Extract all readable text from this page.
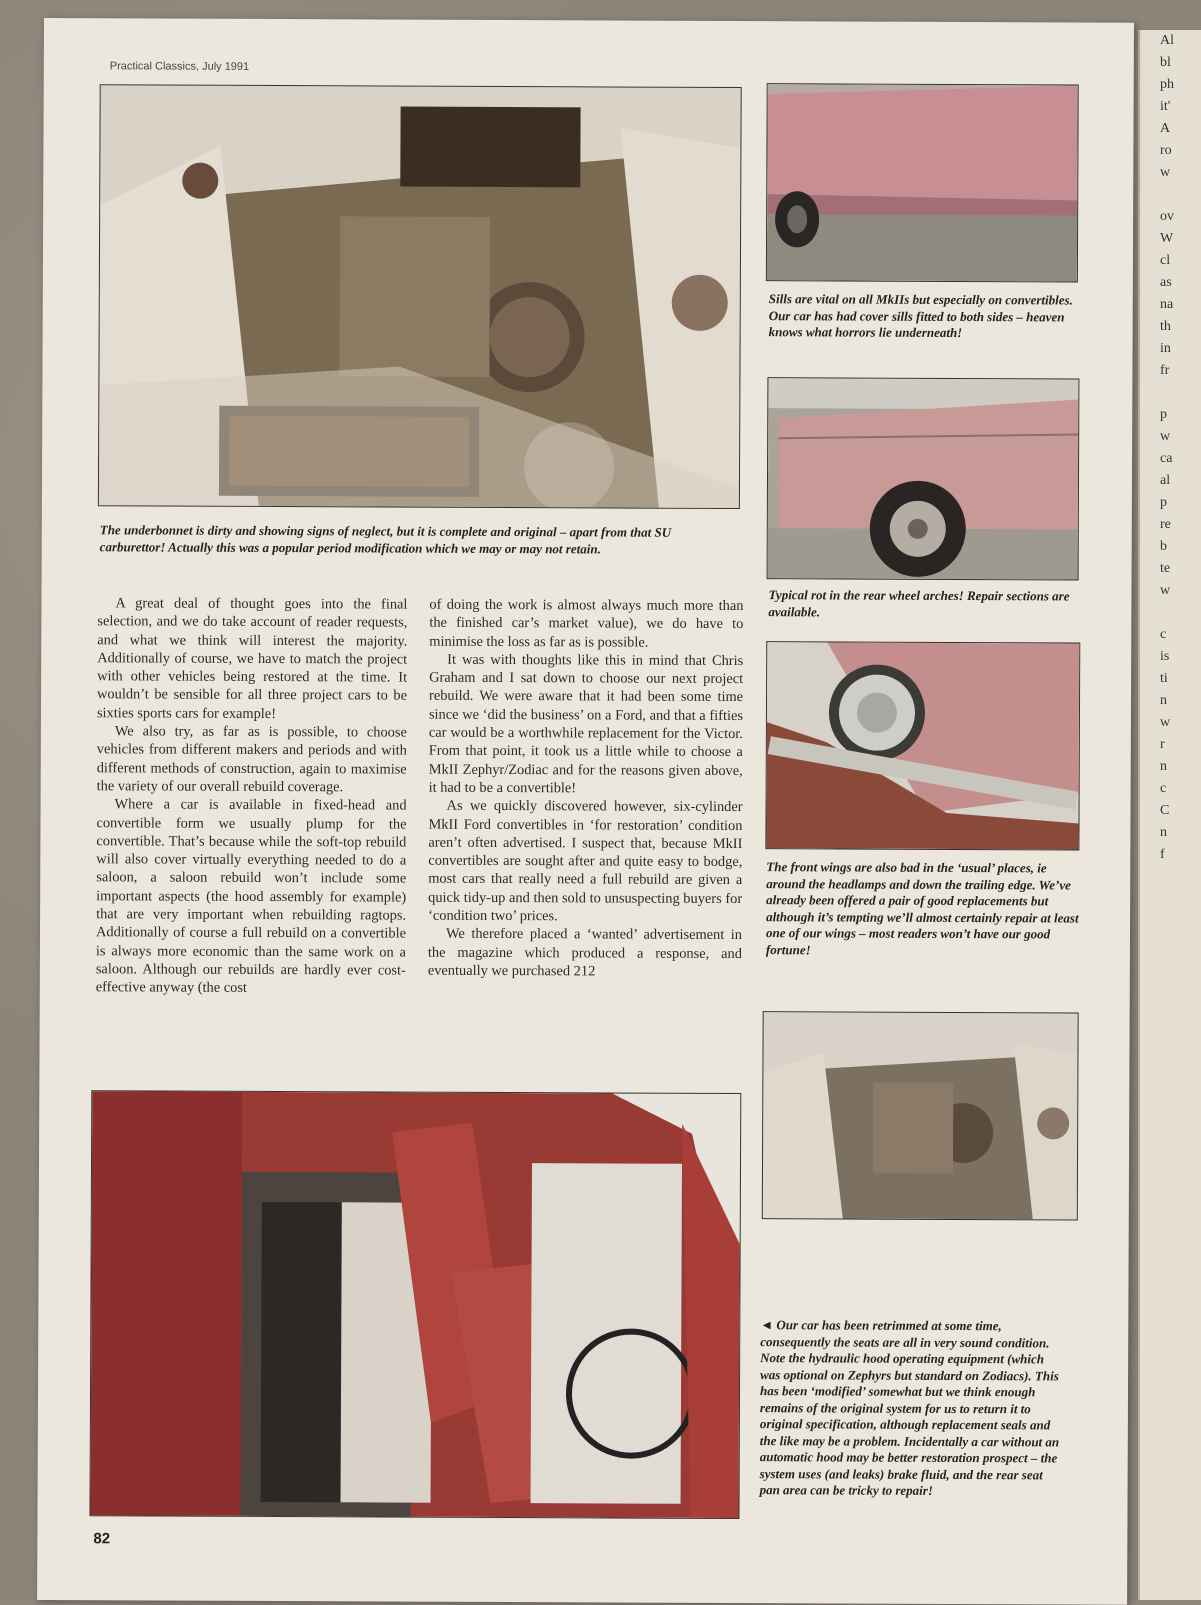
Al
bl
ph
it'
A
ro
w

ov
W
cl
as
na
th
in
fr

p
w
ca
al
p
re
b
te
w

c
is
ti
n
w
r
n
c
C
n
f
Practical Classics, July 1991
The underbonnet is dirty and showing signs of neglect, but it is complete and original – apart from that SU carburettor! Actually this was a popular period modification which we may or may not retain.
Sills are vital on all MkIIs but especially on convertibles. Our car has had cover sills fitted to both sides – heaven knows what horrors lie underneath!
Typical rot in the rear wheel arches! Repair sections are available.
The front wings are also bad in the ‘usual’ places, ie around the headlamps and down the trailing edge. We’ve already been offered a pair of good replacements but although it’s tempting we’ll almost certainly repair at least one of our wings – most readers won’t have our good fortune!

A great deal of thought goes into the final selection, and we do take account of reader requests, and what we think will interest the majority. Additionally of course, we have to match the project with other vehicles being restored at the time. It wouldn’t be sensible for all three project cars to be sixties sports cars for example!

We also try, as far as is possible, to choose vehicles from different makers and periods and with different methods of construction, again to maximise the variety of our overall rebuild coverage.

Where a car is available in fixed-head and convertible form we usually plump for the convertible. That’s because while the soft-top rebuild will also cover virtually everything needed to do a saloon, a saloon rebuild won’t include some important aspects (the hood assembly for example) that are very important when rebuilding ragtops. Additionally of course a full rebuild on a convertible is always more economic than the same work on a saloon. Although our rebuilds are hardly ever cost-effective anyway (the cost

of doing the work is almost always much more than the finished car’s market value), we do have to minimise the loss as far as is possible.

It was with thoughts like this in mind that Chris Graham and I sat down to choose our next project rebuild. We were aware that it had been some time since we ‘did the business’ on a Ford, and that a fifties car would be a worthwhile replacement for the Victor. From that point, it took us a little while to choose a MkII Zephyr/Zodiac and for the reasons given above, it had to be a convertible!

As we quickly discovered however, six-cylinder MkII Ford convertibles in ‘for restoration’ condition aren’t often advertised. I suspect that, because MkII convertibles are sought after and quite easy to bodge, most cars that really need a full rebuild are given a quick tidy-up and then sold to unsuspecting buyers for ‘condition two’ prices.

We therefore placed a ‘wanted’ advertisement in the magazine which produced a response, and eventually we purchased 212

◄ Our car has been retrimmed at some time, consequently the seats are all in very sound condition. Note the hydraulic hood operating equipment (which was optional on Zephyrs but standard on Zodiacs). This has been ‘modified’ somewhat but we think enough remains of the original system for us to return it to original specification, although replacement seals and the like may be a problem. Incidentally a car without an automatic hood may be better restoration prospect – the system uses (and leaks) brake fluid, and the rear seat pan area can be tricky to repair!
82
